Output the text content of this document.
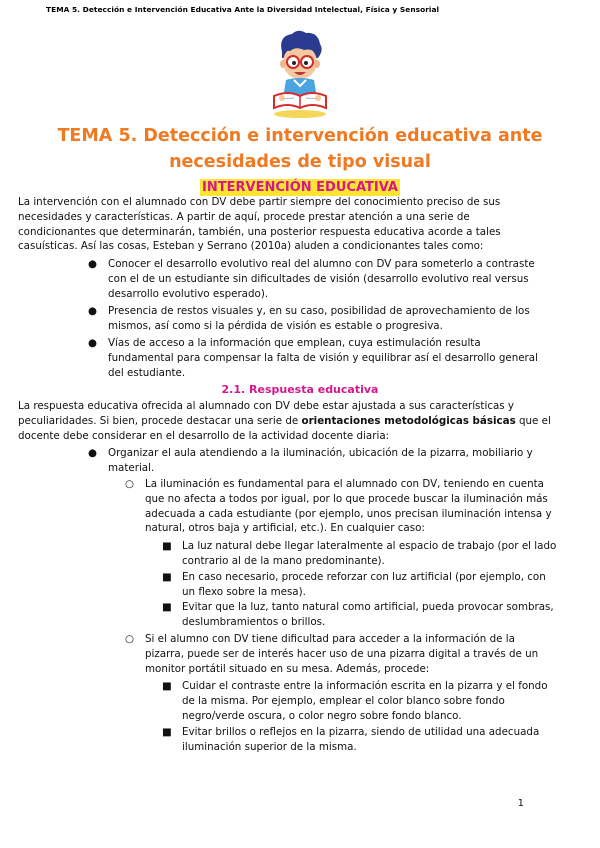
TEMA 5. Detección e Intervención Educativa Ante la Diversidad Intelectual, Física y Sensorial
TEMA 5. Detección e intervención educativa ante
necesidades de tipo visual
INTERVENCIÓN EDUCATIVA
La intervención con el alumnado con DV debe partir siempre del conocimiento preciso de sus
necesidades y características. A partir de aquí, procede prestar atención a una serie de
condicionantes que determinarán, también, una posterior respuesta educativa acorde a tales
casuísticas. Así las cosas, Esteban y Serrano (2010a) aluden a condicionantes tales como:
● Conocer el desarrollo evolutivo real del alumno con DV para someterlo a contraste
con el de un estudiante sin dificultades de visión (desarrollo evolutivo real versus
desarrollo evolutivo esperado).
● Presencia de restos visuales y, en su caso, posibilidad de aprovechamiento de los
mismos, así como si la pérdida de visión es estable o progresiva.
● Vías de acceso a la información que emplean, cuya estimulación resulta
fundamental para compensar la falta de visión y equilibrar así el desarrollo general
del estudiante.
2.1. Respuesta educativa
La respuesta educativa ofrecida al alumnado con DV debe estar ajustada a sus características y
peculiaridades. Si bien, procede destacar una serie de orientaciones metodológicas básicas que el
docente debe considerar en el desarrollo de la actividad docente diaria:
● Organizar el aula atendiendo a la iluminación, ubicación de la pizarra, mobiliario y
material.
○ La iluminación es fundamental para el alumnado con DV, teniendo en cuenta
que no afecta a todos por igual, por lo que procede buscar la iluminación más
adecuada a cada estudiante (por ejemplo, unos precisan iluminación intensa y
natural, otros baja y artificial, etc.). En cualquier caso:
■ La luz natural debe llegar lateralmente al espacio de trabajo (por el lado
contrario al de la mano predominante).
■ En caso necesario, procede reforzar con luz artificial (por ejemplo, con
un flexo sobre la mesa).
■ Evitar que la luz, tanto natural como artificial, pueda provocar sombras,
deslumbramientos o brillos.
○ Si el alumno con DV tiene dificultad para acceder a la información de la
pizarra, puede ser de interés hacer uso de una pizarra digital a través de un
monitor portátil situado en su mesa. Además, procede:
■ Cuidar el contraste entre la información escrita en la pizarra y el fondo
de la misma. Por ejemplo, emplear el color blanco sobre fondo
negro/verde oscura, o color negro sobre fondo blanco.
■ Evitar brillos o reflejos en la pizarra, siendo de utilidad una adecuada
iluminación superior de la misma.
1
